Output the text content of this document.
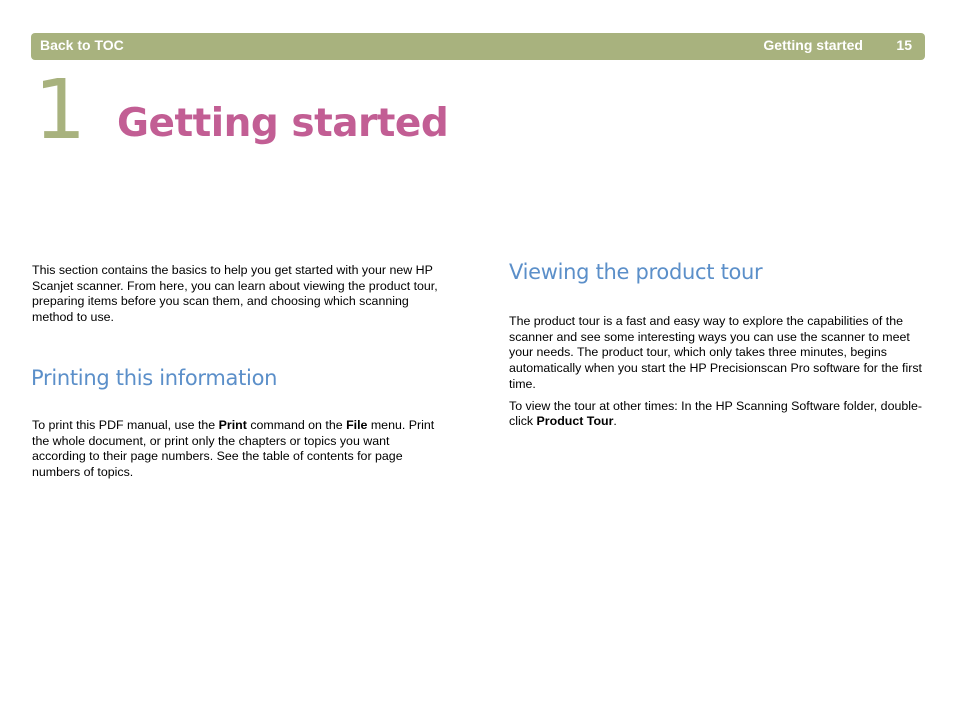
Back to TOC	Getting started 15
1 Getting started

This section contains the basics to help you get started with your new HP Scanjet scanner. From here, you can learn about viewing the product tour, preparing items before you scan them, and choosing which scanning method to use.

Printing this information

To print this PDF manual, use the Print command on the File menu. Print the whole document, or print only the chapters or topics you want according to their page numbers. See the table of contents for page numbers of topics.

Viewing the product tour

The product tour is a fast and easy way to explore the capabilities of the scanner and see some interesting ways you can use the scanner to meet your needs. The product tour, which only takes three minutes, begins automatically when you start the HP Precisionscan Pro software for the first time.

To view the tour at other times: In the HP Scanning Software folder, double-click Product Tour.
